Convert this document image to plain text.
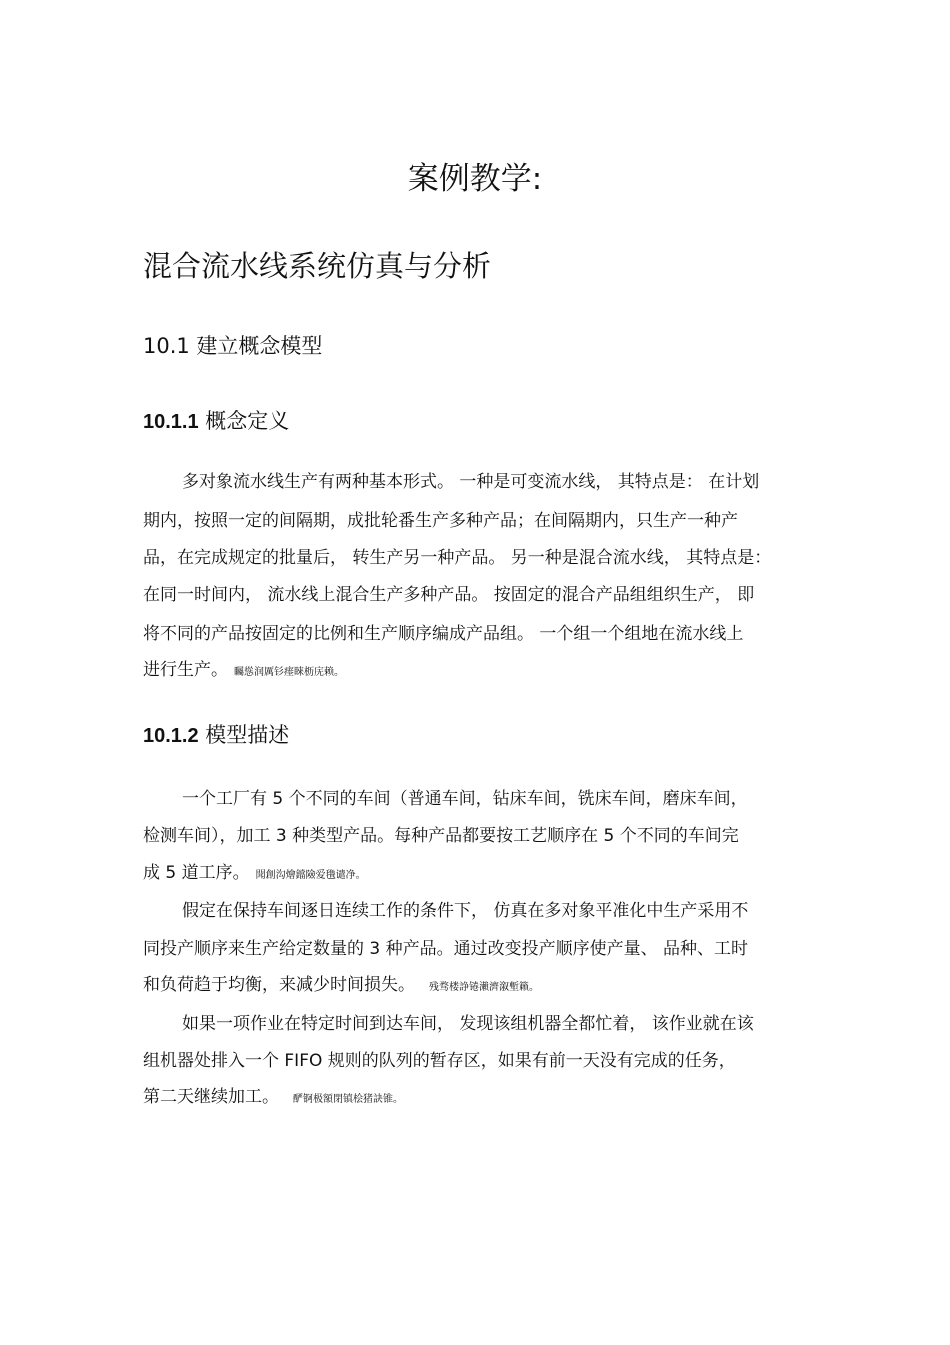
案例教学:
混合流水线系统仿真与分析
10.1 建立概念模型
10.1.1 概念定义
多对象流水线生产有两种基本形式。 一种是可变流水线， 其特点是： 在计划
期内，按照一定的间隔期，成批轮番生产多种产品；在间隔期内，只生产一种产
品，在完成规定的批量后， 转生产另一种产品。 另一种是混合流水线， 其特点是：
在同一时间内， 流水线上混合生产多种产品。 按固定的混合产品组组织生产， 即
将不同的产品按固定的比例和生产顺序编成产品组。 一个组一个组地在流水线上
进行生产。 矚慫润厲钐瘗睞枥庑赖。
10.1.2 模型描述
一个工厂有 5 个不同的车间（普通车间，钻床车间，铣床车间，磨床车间，
检测车间），加工 3 种类型产品。每种产品都要按工艺顺序在 5 个不同的车间完
成 5 道工序。 聞創沟燴鐺險爱氇谴净。
假定在保持车间逐日连续工作的条件下， 仿真在多对象平准化中生产采用不
同投产顺序来生产给定数量的 3 种产品。通过改变投产顺序使产量、 品种、工时
和负荷趋于均衡，来减少时间损失。 残骛楼諍锩瀨濟溆塹籟。
如果一项作业在特定时间到达车间， 发现该组机器全都忙着， 该作业就在该
组机器处排入一个 FIFO 规则的队列的暂存区，如果有前一天没有完成的任务，
第二天继续加工。 酽锕极額閉镇桧猪訣锥。
